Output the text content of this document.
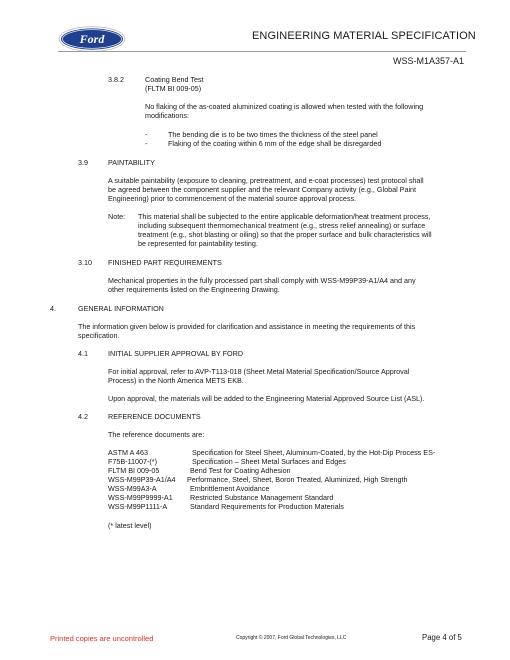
Ford	ENGINEERING MATERIAL SPECIFICATION
WSS-M1A357-A1
3.8.2	Coating Bend Test
(FLTM BI 009-05)
No flaking of the as-coated aluminized coating is allowed when tested with the following
modifications:
-	The bending die is to be two times the thickness of the steel panel
-	Flaking of the coating within 6 mm of the edge shall be disregarded
3.9	PAINTABILITY
A suitable paintability (exposure to cleaning, pretreatment, and e-coat processes) test protocol shall
be agreed between the component supplier and the relevant Company activity (e.g., Global Paint
Engineering) prior to commencement of the material source approval process.
Note: This material shall be subjected to the entire applicable deformation/heat treatment process,
including subsequent thermomechanical treatment (e.g., stress relief annealing) or surface
treatment (e.g., shot blasting or oiling) so that the proper surface and bulk characteristics will
be represented for paintability testing.
3.10 FINISHED PART REQUIREMENTS
Mechanical properties in the fully processed part shall comply with WSS-M99P39-A1/A4 and any
other requirements listed on the Engineering Drawing.
4.	GENERAL INFORMATION
The information given below is provided for clarification and assistance in meeting the requirements of this
specification.
4.1	INITIAL SUPPLIER APPROVAL BY FORD
For initial approval, refer to AVP-T113-018 (Sheet Metal Material Specification/Source Approval
Process) in the North America METS EKB.
Upon approval, the materials will be added to the Engineering Material Approved Source List (ASL).
4.2	REFERENCE DOCUMENTS
The reference documents are:
ASTM A 463	Specification for Steel Sheet, Aluminum-Coated, by the Hot-Dip Process ES-
F75B-11007-(*)	Specification – Sheet Metal Surfaces and Edges
FLTM BI 009-05	Bend Test for Coating Adhesion
WSS-M99P39-A1/A4 Performance, Steel, Sheet, Boron Treated, Aluminized, High Strength
WSS-M99A3-A	Embrittlement Avoidance
WSS-M99P9999-A1 Restricted Substance Management Standard
WSS-M99P1111-A	Standard Requirements for Production Materials
(* latest level)
Printed copies are uncontrolled	Copyright © 2007, Ford Global Technologies, LLC	Page 4 of 5
